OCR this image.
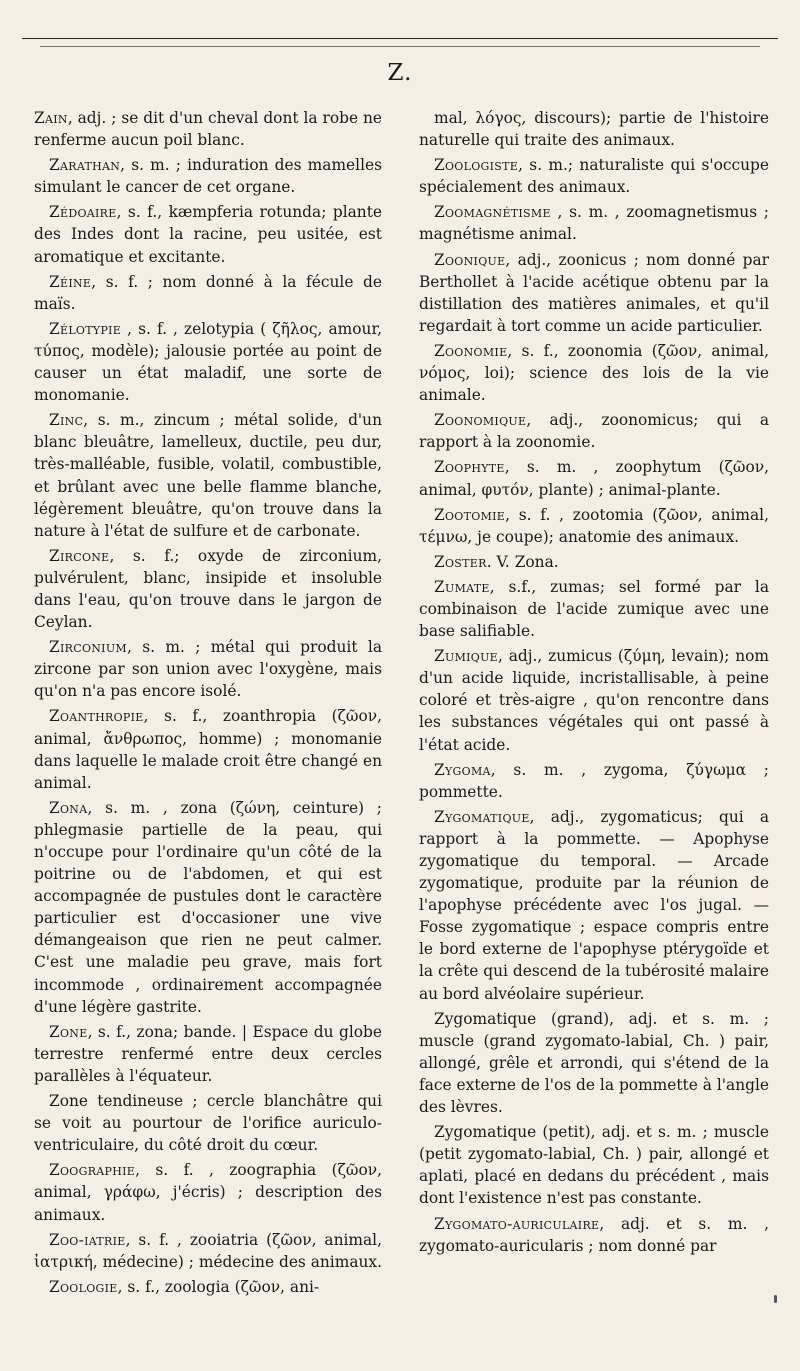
Z.

Zain, adj. ; se dit d'un cheval dont la robe ne renferme aucun poil blanc.

Zarathan, s. m. ; induration des mamelles simulant le cancer de cet organe.

Zédoaire, s. f., kæmpferia rotunda; plante des Indes dont la racine, peu usitée, est aromatique et excitante.

Zéine, s. f. ; nom donné à la fécule de maïs.

Zélotypie , s. f. , zelotypia ( ζῆλος, amour, τύπος, modèle); jalousie portée au point de causer un état maladif, une sorte de monomanie.

Zinc, s. m., zincum ; métal solide, d'un blanc bleuâtre, lamelleux, ductile, peu dur, très-malléable, fusible, volatil, combustible, et brûlant avec une belle flamme blanche, légèrement bleuâtre, qu'on trouve dans la nature à l'état de sulfure et de carbonate.

Zircone, s. f.; oxyde de zirconium, pulvérulent, blanc, insipide et insoluble dans l'eau, qu'on trouve dans le jargon de Ceylan.

Zirconium, s. m. ; métal qui produit la zircone par son union avec l'oxygène, mais qu'on n'a pas encore isolé.

Zoanthropie, s. f., zoanthropia (ζῶον, animal, ἄνθρωπος, homme) ; monomanie dans laquelle le malade croit être changé en animal.

Zona, s. m. , zona (ζώνη, ceinture) ; phlegmasie partielle de la peau, qui n'occupe pour l'ordinaire qu'un côté de la poitrine ou de l'abdomen, et qui est accompagnée de pustules dont le caractère particulier est d'occasioner une vive démangeaison que rien ne peut calmer. C'est une maladie peu grave, mais fort incommode , ordinairement accompagnée d'une légère gastrite.

Zone, s. f., zona; bande. | Espace du globe terrestre renfermé entre deux cercles parallèles à l'équateur.

Zone tendineuse ; cercle blanchâtre qui se voit au pourtour de l'orifice auriculo-ventriculaire, du côté droit du cœur.

Zoographie, s. f. , zoographia (ζῶον, animal, γράφω, j'écris) ; description des animaux.

Zoo-iatrie, s. f. , zooiatria (ζῶον, animal, ἰατρική, médecine) ; médecine des animaux.

Zoologie, s. f., zoologia (ζῶον, ani-

mal, λόγος, discours); partie de l'histoire naturelle qui traite des animaux.

Zoologiste, s. m.; naturaliste qui s'occupe spécialement des animaux.

Zoomagnétisme , s. m. , zoomagnetismus ; magnétisme animal.

Zoonique, adj., zoonicus ; nom donné par Berthollet à l'acide acétique obtenu par la distillation des matières animales, et qu'il regardait à tort comme un acide particulier.

Zoonomie, s. f., zoonomia (ζῶον, animal, νόμος, loi); science des lois de la vie animale.

Zoonomique, adj., zoonomicus; qui a rapport à la zoonomie.

Zoophyte, s. m. , zoophytum (ζῶον, animal, φυτόν, plante) ; animal-plante.

Zootomie, s. f. , zootomia (ζῶον, animal, τέμνω, je coupe); anatomie des animaux.

Zoster. V. Zona.

Zumate, s.f., zumas; sel formé par la combinaison de l'acide zumique avec une base salifiable.

Zumique, adj., zumicus (ζύμη, levain); nom d'un acide liquide, incristallisable, à peine coloré et très-aigre , qu'on rencontre dans les substances végétales qui ont passé à l'état acide.

Zygoma, s. m. , zygoma, ζύγωμα ; pommette.

Zygomatique, adj., zygomaticus; qui a rapport à la pommette. — Apophyse zygomatique du temporal. — Arcade zygomatique, produite par la réunion de l'apophyse précédente avec l'os jugal. — Fosse zygomatique ; espace compris entre le bord externe de l'apophyse ptérygoïde et la crête qui descend de la tubérosité malaire au bord alvéolaire supérieur.

Zygomatique (grand), adj. et s. m. ; muscle (grand zygomato-labial, Ch. ) pair, allongé, grêle et arrondi, qui s'étend de la face externe de l'os de la pommette à l'angle des lèvres.

Zygomatique (petit), adj. et s. m. ; muscle (petit zygomato-labial, Ch. ) pair, allongé et aplati, placé en dedans du précédent , mais dont l'existence n'est pas constante.

Zygomato-auriculaire, adj. et s. m. , zygomato-auricularis ; nom donné par
